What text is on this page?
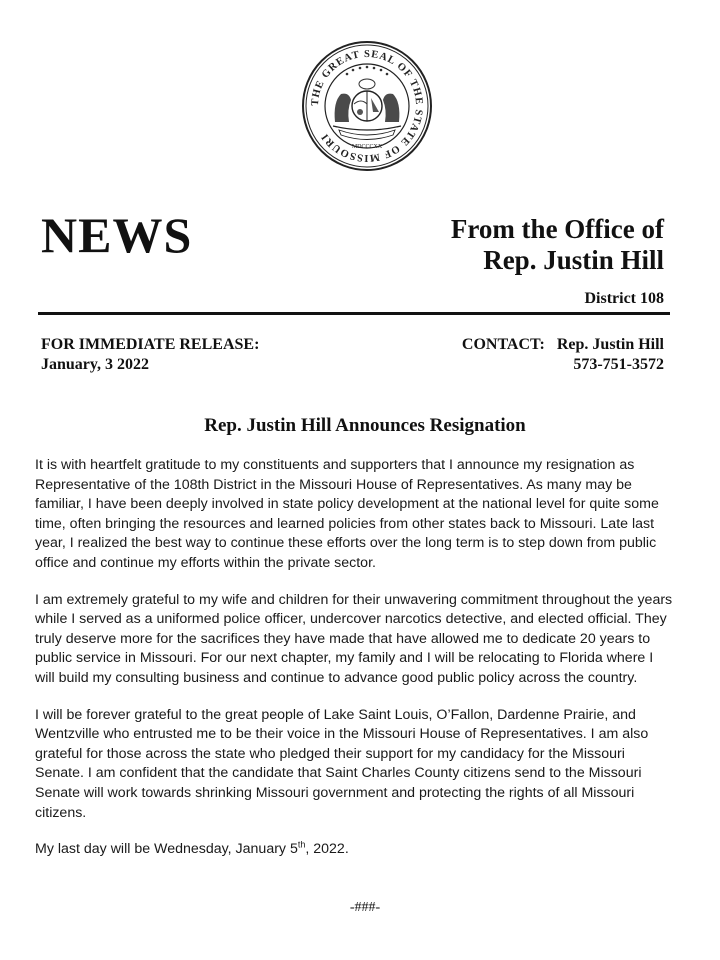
THE GREAT SEAL OF THE STATE OF MISSOURI
MDCCCXX
NEWS	From the Office of
Rep. Justin Hill
District 108
FOR IMMEDIATE RELEASE:
January, 3 2022
CONTACT: Rep. Justin Hill
573-751-3572
Rep. Justin Hill Announces Resignation

It is with heartfelt gratitude to my constituents and supporters that I announce my resignation as Representative of the 108th District in the Missouri House of Representatives. As many may be familiar, I have been deeply involved in state policy development at the national level for quite some time, often bringing the resources and learned policies from other states back to Missouri. Late last year, I realized the best way to continue these efforts over the long term is to step down from public office and continue my efforts within the private sector.

I am extremely grateful to my wife and children for their unwavering commitment throughout the years while I served as a uniformed police officer, undercover narcotics detective, and elected official. They truly deserve more for the sacrifices they have made that have allowed me to dedicate 20 years to public service in Missouri. For our next chapter, my family and I will be relocating to Florida where I will build my consulting business and continue to advance good public policy across the country.

I will be forever grateful to the great people of Lake Saint Louis, O’Fallon, Dardenne Prairie, and Wentzville who entrusted me to be their voice in the Missouri House of Representatives. I am also grateful for those across the state who pledged their support for my candidacy for the Missouri Senate. I am confident that the candidate that Saint Charles County citizens send to the Missouri Senate will work towards shrinking Missouri government and protecting the rights of all Missouri citizens.

My last day will be Wednesday, January 5th, 2022.

-###-
